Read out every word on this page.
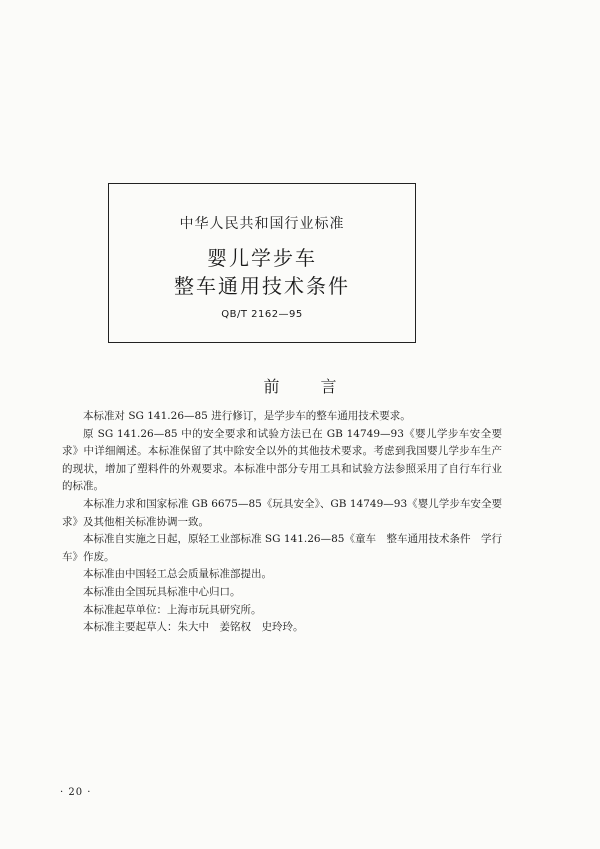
中华人民共和国行业标准
婴儿学步车
整车通用技术条件
QB/T 2162—95
前 言

本标准对 SG 141.26—85 进行修订，是学步车的整车通用技术要求。

原 SG 141.26—85 中的安全要求和试验方法已在 GB 14749—93《婴儿学步车安全要求》中详细阐述。本标准保留了其中除安全以外的其他技术要求。考虑到我国婴儿学步车生产的现状，增加了塑料件的外观要求。本标准中部分专用工具和试验方法参照采用了自行车行业的标准。

本标准力求和国家标准 GB 6675—85《玩具安全》、GB 14749—93《婴儿学步车安全要求》及其他相关标准协调一致。

本标准自实施之日起，原轻工业部标准 SG 141.26—85《童车　整车通用技术条件　学行车》作废。

本标准由中国轻工总会质量标准部提出。

本标准由全国玩具标准中心归口。

本标准起草单位：上海市玩具研究所。

本标准主要起草人：朱大中　姜铭权　史玲玲。

· 20 ·
